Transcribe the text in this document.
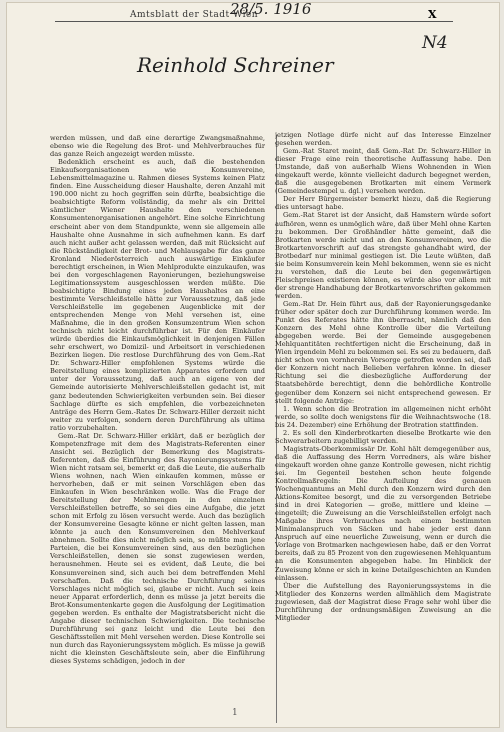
Amtsblatt der Stadt Wien
28/5. 1916	X
N4
Reinhold Schreiner

werden müssen, und daß eine derartige Zwangsmaßnahme, ebenso wie die Regelung des Brot- und Mehlverbrauches für das ganze Reich angezeigt werden müsste.

Bedenklich erscheint es auch, daß die bestehenden Einkaufsorganisationen wie Konsumvereine, Lebensmittelmagazine u. Rahmen dieses Systems keinen Platz finden. Eine Ausscheidung dieser Haushalte, deren Anzahl mit 190.000 nicht zu hoch gegriffen sein dürfte, beabsichtige die beabsichtigte Reform vollständig, da mehr als ein Drittel sämtlicher Wiener Haushalte den verschiedenen Konsumentenorganisationen angehört. Eine solche Einrichtung erscheint aber von dem Standpunkte, wenn sie allgemein alle Haushalte ohne Ausnahme in sich aufnehmen kann. Es darf auch nicht außer acht gelassen werden, daß mit Rücksicht auf die Rückständigkeit der Brot- und Mehlausgabe für das ganze Kronland Niederösterreich auch auswärtige Einkäufer berechtigt erscheinen, in Wien Mehlprodukte einzukaufen, was bei den vorgeschlagenen Rayonierungen, beziehungsweise Legitimationssystem ausgeschlossen werden müßte. Die beabsichtigte Bindung eines jeden Haushaltes an eine bestimmte Verschleißstelle hätte zur Voraussetzung, daß jede Verschleißstelle im gegebenen Augenblicke mit der entsprechenden Menge von Mehl versehen ist, eine Maßnahme, die in den großen Konsumzentrum Wien schon technisch nicht leicht durchführbar ist. Für den Einkäufer würde überdies die Einkaufsmöglichkeit in denjenigen Fällen sehr erschwert, wo Domizil- und Arbeitsort in verschiedenen Bezirken liegen. Die restlose Durchführung des von Gem.-Rat Dr. Schwarz-Hiller empfohlenen Systems würde die Bereitstellung eines komplizierten Apparates erfordern und unter der Voraussetzung, daß auch an eigene von der Gemeinde autorisierte Mehlverschleißstellen gedacht ist, mit ganz bedeutenden Schwierigkeiten verbunden sein. Bei dieser Sachlage dürfte es sich empfehlen, die vorbezeichneten Anträge des Herrn Gem.-Rates Dr. Schwarz-Hiller derzeit nicht weiter zu verfolgen, sondern deren Durchführung als ultima ratio vorzubehalten.

Gem.-Rat Dr. Schwarz-Hiller erklärt, daß er bezüglich der Kompetenzfrage mit dem des Magistrats-Referenten einer Ansicht sei. Bezüglich der Bemerkung des Magistrats-Referenten, daß die Einführung des Rayonierungssystems für Wien nicht ratsam sei, bemerkt er, daß die Leute, die außerhalb Wiens wohnen, nach Wien einkaufen kommen, müsse er hervorheben, daß er mit seinen Vorschlägen eben das Einkaufen in Wien beschränken wolle. Was die Frage der Bereitstellung der Mehlmengen in den einzelnen Verschleißstellen betreffe, so sei dies eine Aufgabe, die jetzt schon mit Erfolg zu lösen versucht werde. Auch das bezüglich der Konsumvereine Gesagte könne er nicht gelten lassen, man könnte ja auch den Konsumvereinen den Mehlverkauf abnehmen. Sollte dies nicht möglich sein, so müßte man jene Parteien, die bei Konsumvereinen sind, aus den bezüglichen Verschleißstellen, denen sie sonst zugewiesen werden, herausnehmen. Heute sei es evident, daß Leute, die bei Konsumvereinen sind, sich auch bei dem betreffenden Mehl verschaffen. Daß die technische Durchführung seines Vorschlages nicht möglich sei, glaube er nicht. Auch sei kein neuer Apparat erforderlich, denn es müsse ja jetzt bereits die Brot-Konsumentenkarte gegen die Ausfolgung der Legitimation gegeben werden. Es enthalte der Magistratsbericht nicht die Angabe dieser technischen Schwierigkeiten. Die technische Durchführung sei ganz leicht und die Leute bei den Geschäftsstellen mit Mehl versehen werden. Diese Kontrolle sei nun durch das Rayonierungssystem möglich. Es müsse ja gewiß nicht die kleinsten Geschäftsleute sein, aber die Einführung dieses Systems schädigen, jedoch in der

jetzigen Notlage dürfe nicht auf das Interesse Einzelner gesehen werden.

Gem.-Rat Staret meint, daß Gem.-Rat Dr. Schwarz-Hiller in dieser Frage eine rein theoretische Auffassung habe. Den Umstande, daß von außerhalb Wiens Wohnenden in Wien eingekauft werde, könnte vielleicht dadurch begegnet werden, daß die ausgegebenen Brotkarten mit einem Vermerk (Gemeindestempel u. dgl.) versehen werden.

Der Herr Bürgermeister bemerkt hiezu, daß die Regierung dies untersagt habe.

Gem.-Rat Staret ist der Ansicht, daß Hamstern würde sofort aufhören, wenn es unmöglich wäre, daß über Mehl ohne Karten zu bekommen. Der Großhändler hätte gemeint, daß die Brotkarten werde nicht und an den Konsumvereinen, wo die Brotkartenvorschrift auf das strengste gehandhabt wird, der Brotbedarf nur minimal gestiegen ist. Die Leute wüßten, daß sie beim Konsumverein kein Mehl bekommen, wenn sie es nicht zu verstehen, daß die Leute bei den gegenwärtigen Fleischpreisen existieren können, es würde also vor allem mit der strenge Handhabung der Brotkartenvorschriften gekommen werden.

Gem.-Rat Dr. Hein führt aus, daß der Rayonierungsgedanke früher oder später doch zur Durchführung kommen werde. Im Punkt des Referates hätte ihn überrascht, nämlich daß den Konzern des Mehl ohne Kontrolle über die Verteilung abgegeben werde. Bei der Gemeinde ausgegebenen Mehlquantitäten rechtfertigen nicht die Erscheinung, daß in Wien irgendein Mehl zu bekommen sei. Es sei zu bedauern, daß nicht schon von vornherein Vorsorge getroffen worden sei, daß der Konzern nicht nach Belieben verfahren könne. In dieser Richtung sei die diesbezügliche Aufforderung der Staatsbehörde berechtigt, denn die behördliche Kontrolle gegenüber dem Konzern sei nicht entsprechend gewesen. Er stellt folgende Anträge:

1. Wenn schon die Brotration im allgemeinen nicht erhöht werde, so sollte doch wenigstens für die Weihnachtswoche (18. bis 24. Dezember) eine Erhöhung der Brotration stattfinden.

2. Es soll den Kinderbrotkarten dieselbe Brotkarte wie den Schwerarbeitern zugebilligt werden.

Magistrats-Oberkommissär Dr. Kohl hält demgegenüber aus, daß die Auffassung des Herrn Vorredners, als wäre bisher eingekauft worden ohne ganze Kontrolle gewesen, nicht richtig sei. Im Gegenteil bestehen schon heute folgende Kontrollmaßregeln: Die Aufteilung des genauen Wochenquantums an Mehl durch den Konzern wird durch den Aktions-Komitee besorgt, und die zu versorgenden Betriebe sind in drei Kategorien — große, mittlere und kleine — eingeteilt; die Zuweisung an die Verschleißstellen erfolgt nach Maßgabe ihres Verbrauches nach einem bestimmten Minimalanspruch von Säcken und habe jeder erst dann Anspruch auf eine neuerliche Zuweisung, wenn er durch die Vorlage von Brotmarken nachgewiesen habe, daß er den Vorrat bereits, daß zu 85 Prozent von den zugewiesenen Mehlquantum an die Konsumenten abgegeben habe. Im Hinblick der Zuweisung könne er sich in keine Detailgeschichten an Kunden einlassen.

Über die Aufstellung des Rayonierungssystems in die Mitglieder des Konzerns werden allmählich dem Magistrate zugewiesen, daß der Magistrat diese Frage sehr wohl über die Durchführung der ordnungsmäßigen Zuweisung an die Mitglieder

1
